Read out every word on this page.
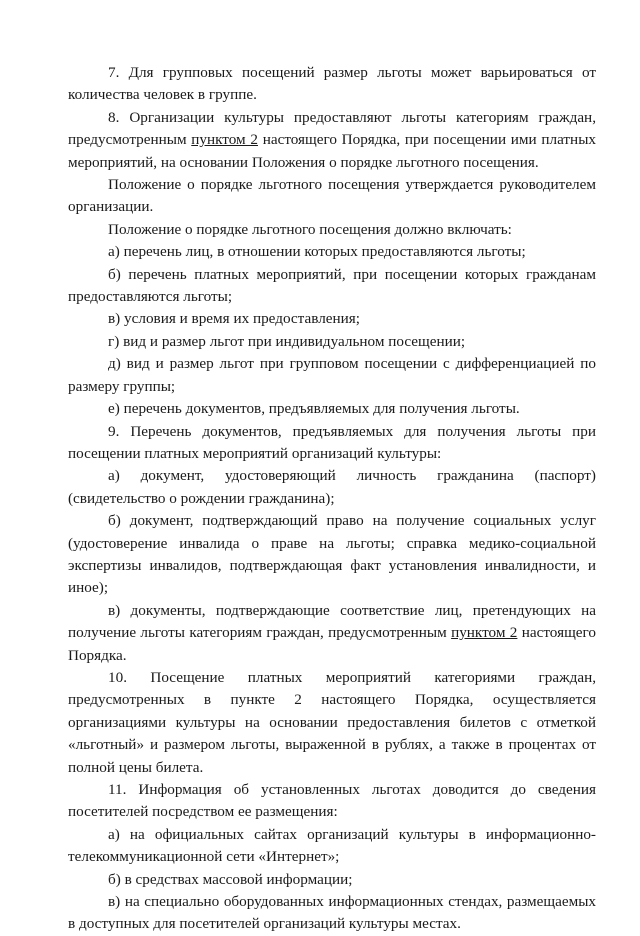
7. Для групповых посещений размер льготы может варьироваться от количества человек в группе.

8. Организации культуры предоставляют льготы категориям граждан, предусмотренным пунктом 2 настоящего Порядка, при посещении ими платных мероприятий, на основании Положения о порядке льготного посещения.

Положение о порядке льготного посещения утверждается руководителем организации.

Положение о порядке льготного посещения должно включать:

а) перечень лиц, в отношении которых предоставляются льготы;

б) перечень платных мероприятий, при посещении которых гражданам предоставляются льготы;

в) условия и время их предоставления;

г) вид и размер льгот при индивидуальном посещении;

д) вид и размер льгот при групповом посещении с дифференциацией по размеру группы;

е) перечень документов, предъявляемых для получения льготы.

9. Перечень документов, предъявляемых для получения льготы при посещении платных мероприятий организаций культуры:

а) документ, удостоверяющий личность гражданина (паспорт) (свидетельство о рождении гражданина);

б) документ, подтверждающий право на получение социальных услуг (удостоверение инвалида о праве на льготы; справка медико-социальной экспертизы инвалидов, подтверждающая факт установления инвалидности, и иное);

в) документы, подтверждающие соответствие лиц, претендующих на получение льготы категориям граждан, предусмотренным пунктом 2 настоящего Порядка.

10. Посещение платных мероприятий категориями граждан, предусмотренных в пункте 2 настоящего Порядка, осуществляется организациями культуры на основании предоставления билетов с отметкой «льготный» и размером льготы, выраженной в рублях, а также в процентах от полной цены билета.

11. Информация об установленных льготах доводится до сведения посетителей посредством ее размещения:

а) на официальных сайтах организаций культуры в информационно-телекоммуникационной сети «Интернет»;

б) в средствах массовой информации;

в) на специально оборудованных информационных стендах, размещаемых в доступных для посетителей организаций культуры местах.
